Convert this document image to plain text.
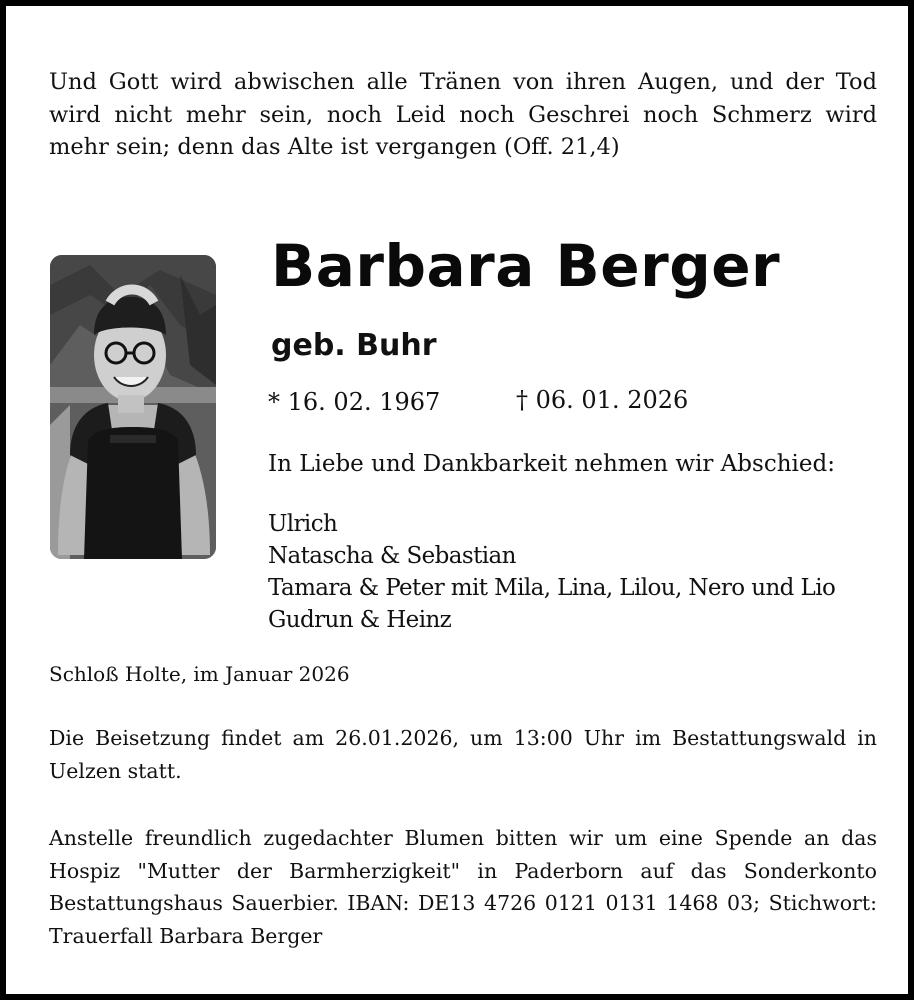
Und Gott wird abwischen alle Tränen von ihren Augen, und der Tod wird nicht mehr sein, noch Leid noch Geschrei noch Schmerz wird mehr sein; denn das Alte ist vergangen (Off. 21,4)

Barbara Berger
geb. Buhr
* 16. 02. 1967	† 06. 01. 2026
In Liebe und Dankbarkeit nehmen wir Abschied:
Ulrich
Natascha & Sebastian
Tamara & Peter mit Mila, Lina, Lilou, Nero und Lio
Gudrun & Heinz
Schloß Holte, im Januar 2026

Die Beisetzung findet am 26.01.2026, um 13:00 Uhr im Bestattungswald in Uelzen statt.

Anstelle freundlich zugedachter Blumen bitten wir um eine Spende an das Hospiz "Mutter der Barmherzigkeit" in Paderborn auf das Sonderkonto Bestattungshaus Sauerbier. IBAN: DE13 4726 0121 0131 1468 03; Stichwort: Trauerfall Barbara Berger
